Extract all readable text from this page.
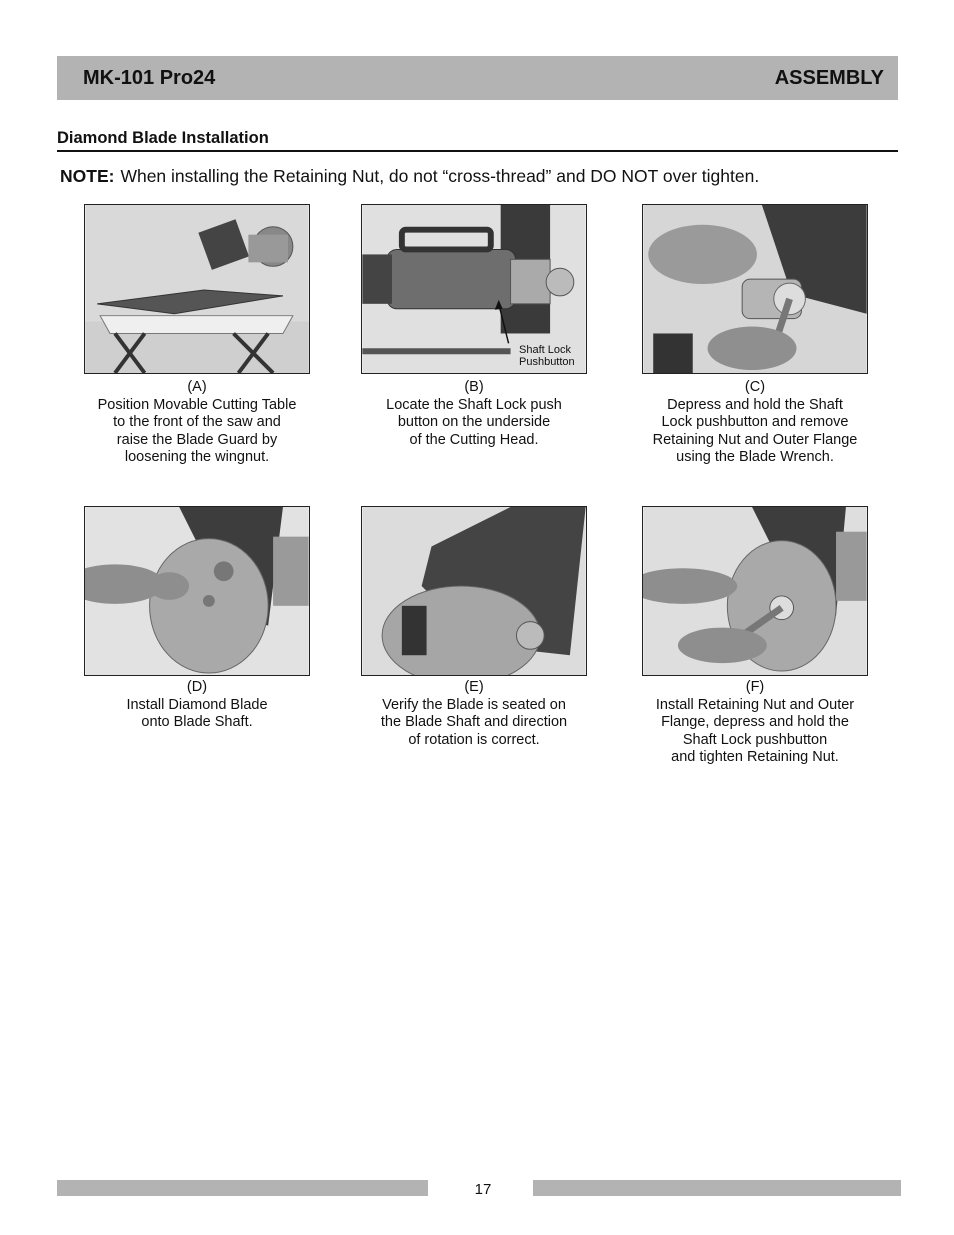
MK-101 Pro24	ASSEMBLY
Diamond Blade Installation
NOTE: When installing the Retaining Nut, do not “cross-thread” and DO NOT over tighten.
Shaft Lock
Pushbutton
(A)
Position Movable Cutting Table
to the front of the saw and
raise the Blade Guard by
loosening the wingnut.
(B)
Locate the Shaft Lock push
button on the underside
of the Cutting Head.
(C)
Depress and hold the Shaft
Lock pushbutton and remove
Retaining Nut and Outer Flange
using the Blade Wrench.
(D)
Install Diamond Blade
onto Blade Shaft.
(E)
Verify the Blade is seated on
the Blade Shaft and direction
of rotation is correct.
(F)
Install Retaining Nut and Outer
Flange, depress and hold the
Shaft Lock pushbutton
and tighten Retaining Nut.
17
